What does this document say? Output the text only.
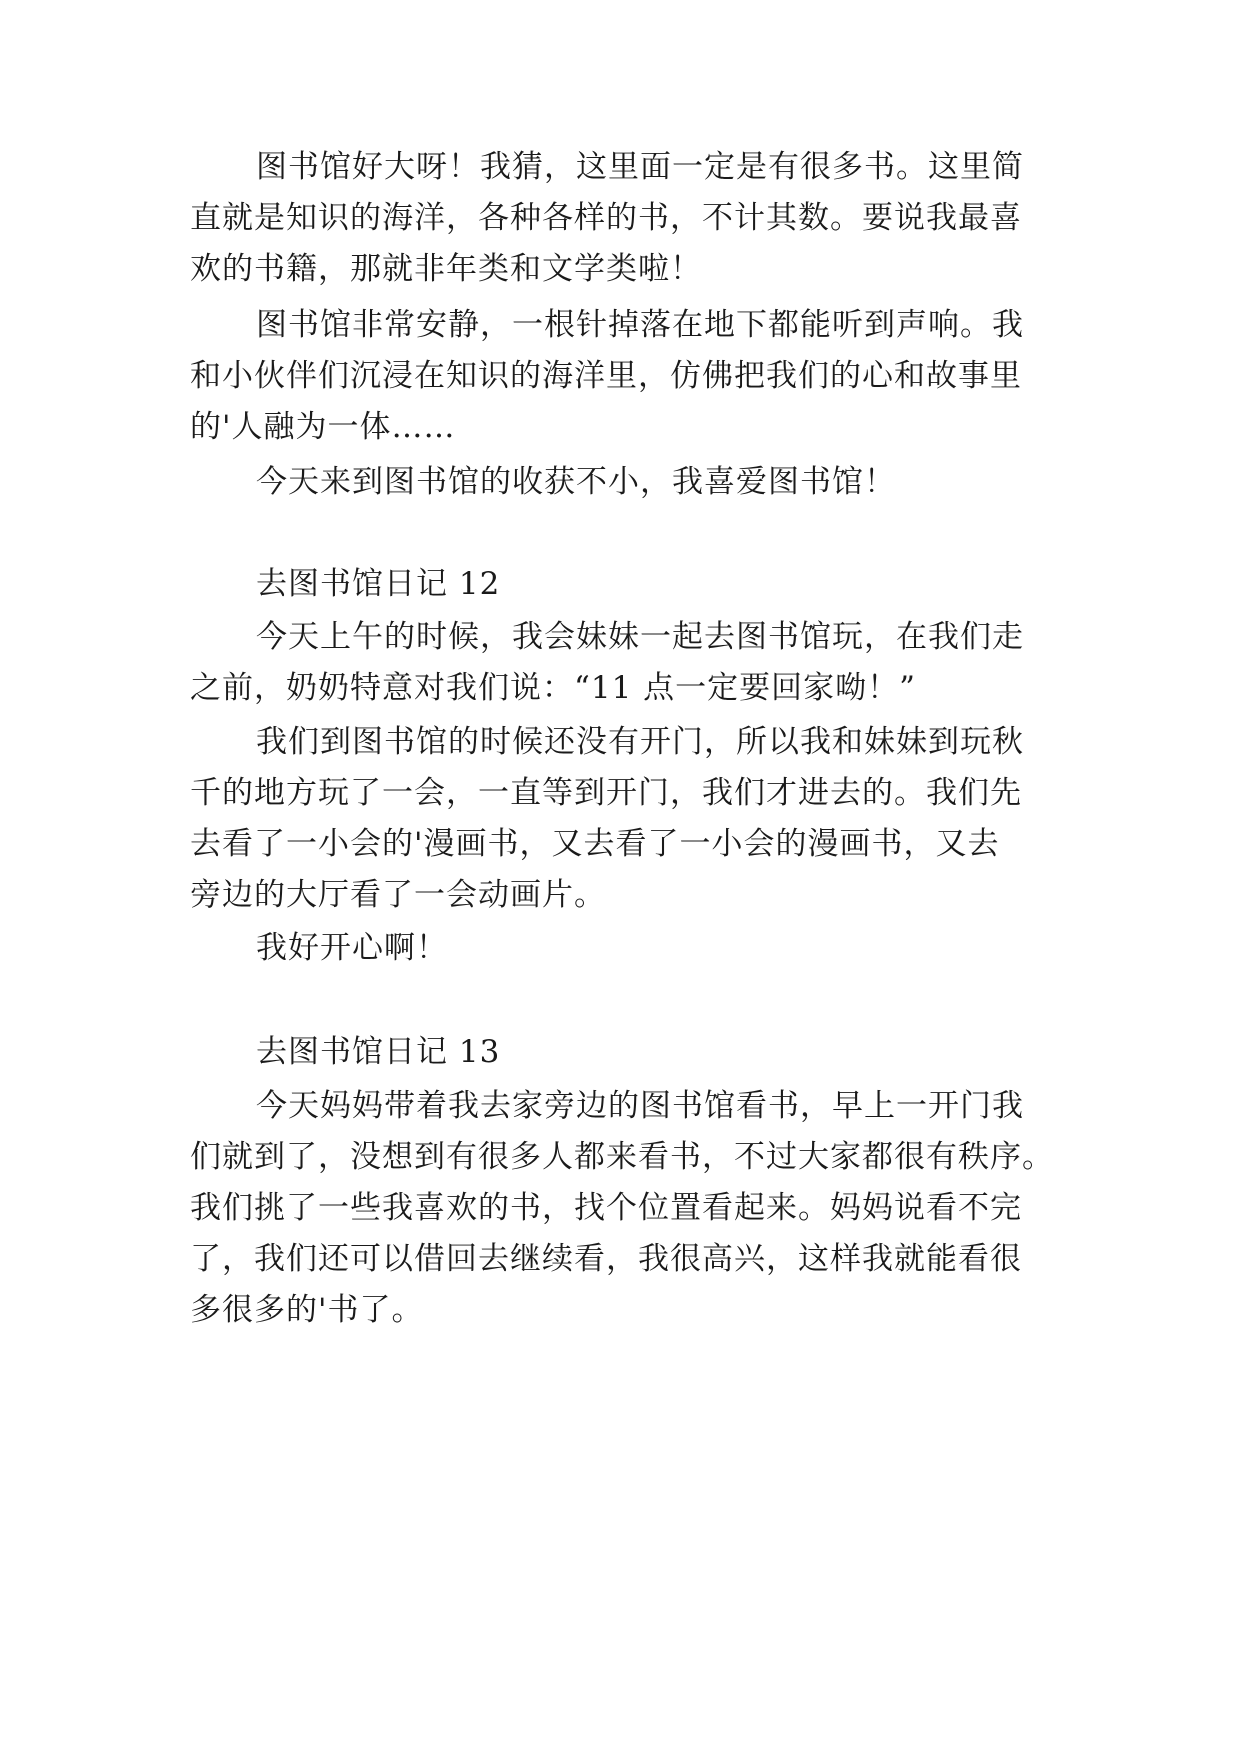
图书馆好大呀！我猜，这里面一定是有很多书。这里简
直就是知识的海洋，各种各样的书，不计其数。要说我最喜
欢的书籍，那就非年类和文学类啦！
图书馆非常安静，一根针掉落在地下都能听到声响。我
和小伙伴们沉浸在知识的海洋里，仿佛把我们的心和故事里
的'人融为一体……
今天来到图书馆的收获不小，我喜爱图书馆！
去图书馆日记 12
今天上午的时候，我会妹妹一起去图书馆玩，在我们走
之前，奶奶特意对我们说：“11 点一定要回家呦！”
我们到图书馆的时候还没有开门，所以我和妹妹到玩秋
千的地方玩了一会，一直等到开门，我们才进去的。我们先
去看了一小会的'漫画书，又去看了一小会的漫画书，又去
旁边的大厅看了一会动画片。
我好开心啊！
去图书馆日记 13
今天妈妈带着我去家旁边的图书馆看书，早上一开门我
们就到了，没想到有很多人都来看书，不过大家都很有秩序。
我们挑了一些我喜欢的书，找个位置看起来。妈妈说看不完
了，我们还可以借回去继续看，我很高兴，这样我就能看很
多很多的'书了。
